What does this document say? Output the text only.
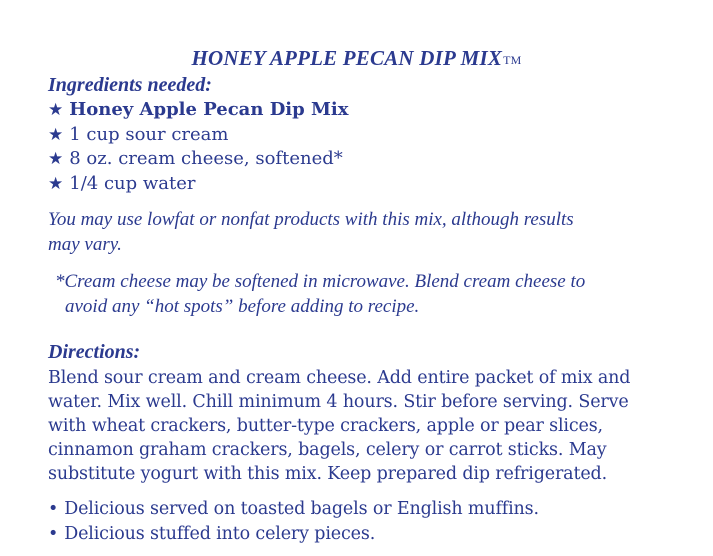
HONEY APPLE PECAN DIP MIXTM
Ingredients needed:
★ Honey Apple Pecan Dip Mix
★ 1 cup sour cream
★ 8 oz. cream cheese, softened*
★ 1/4 cup water
You may use lowfat or nonfat products with this mix, although results
may vary.
*Cream cheese may be softened in microwave. Blend cream cheese to
avoid any “hot spots” before adding to recipe.
Directions:
Blend sour cream and cream cheese. Add entire packet of mix and
water. Mix well. Chill minimum 4 hours. Stir before serving. Serve
with wheat crackers, butter-type crackers, apple or pear slices,
cinnamon graham crackers, bagels, celery or carrot sticks. May
substitute yogurt with this mix. Keep prepared dip refrigerated.
• Delicious served on toasted bagels or English muffins.
• Delicious stuffed into celery pieces.
